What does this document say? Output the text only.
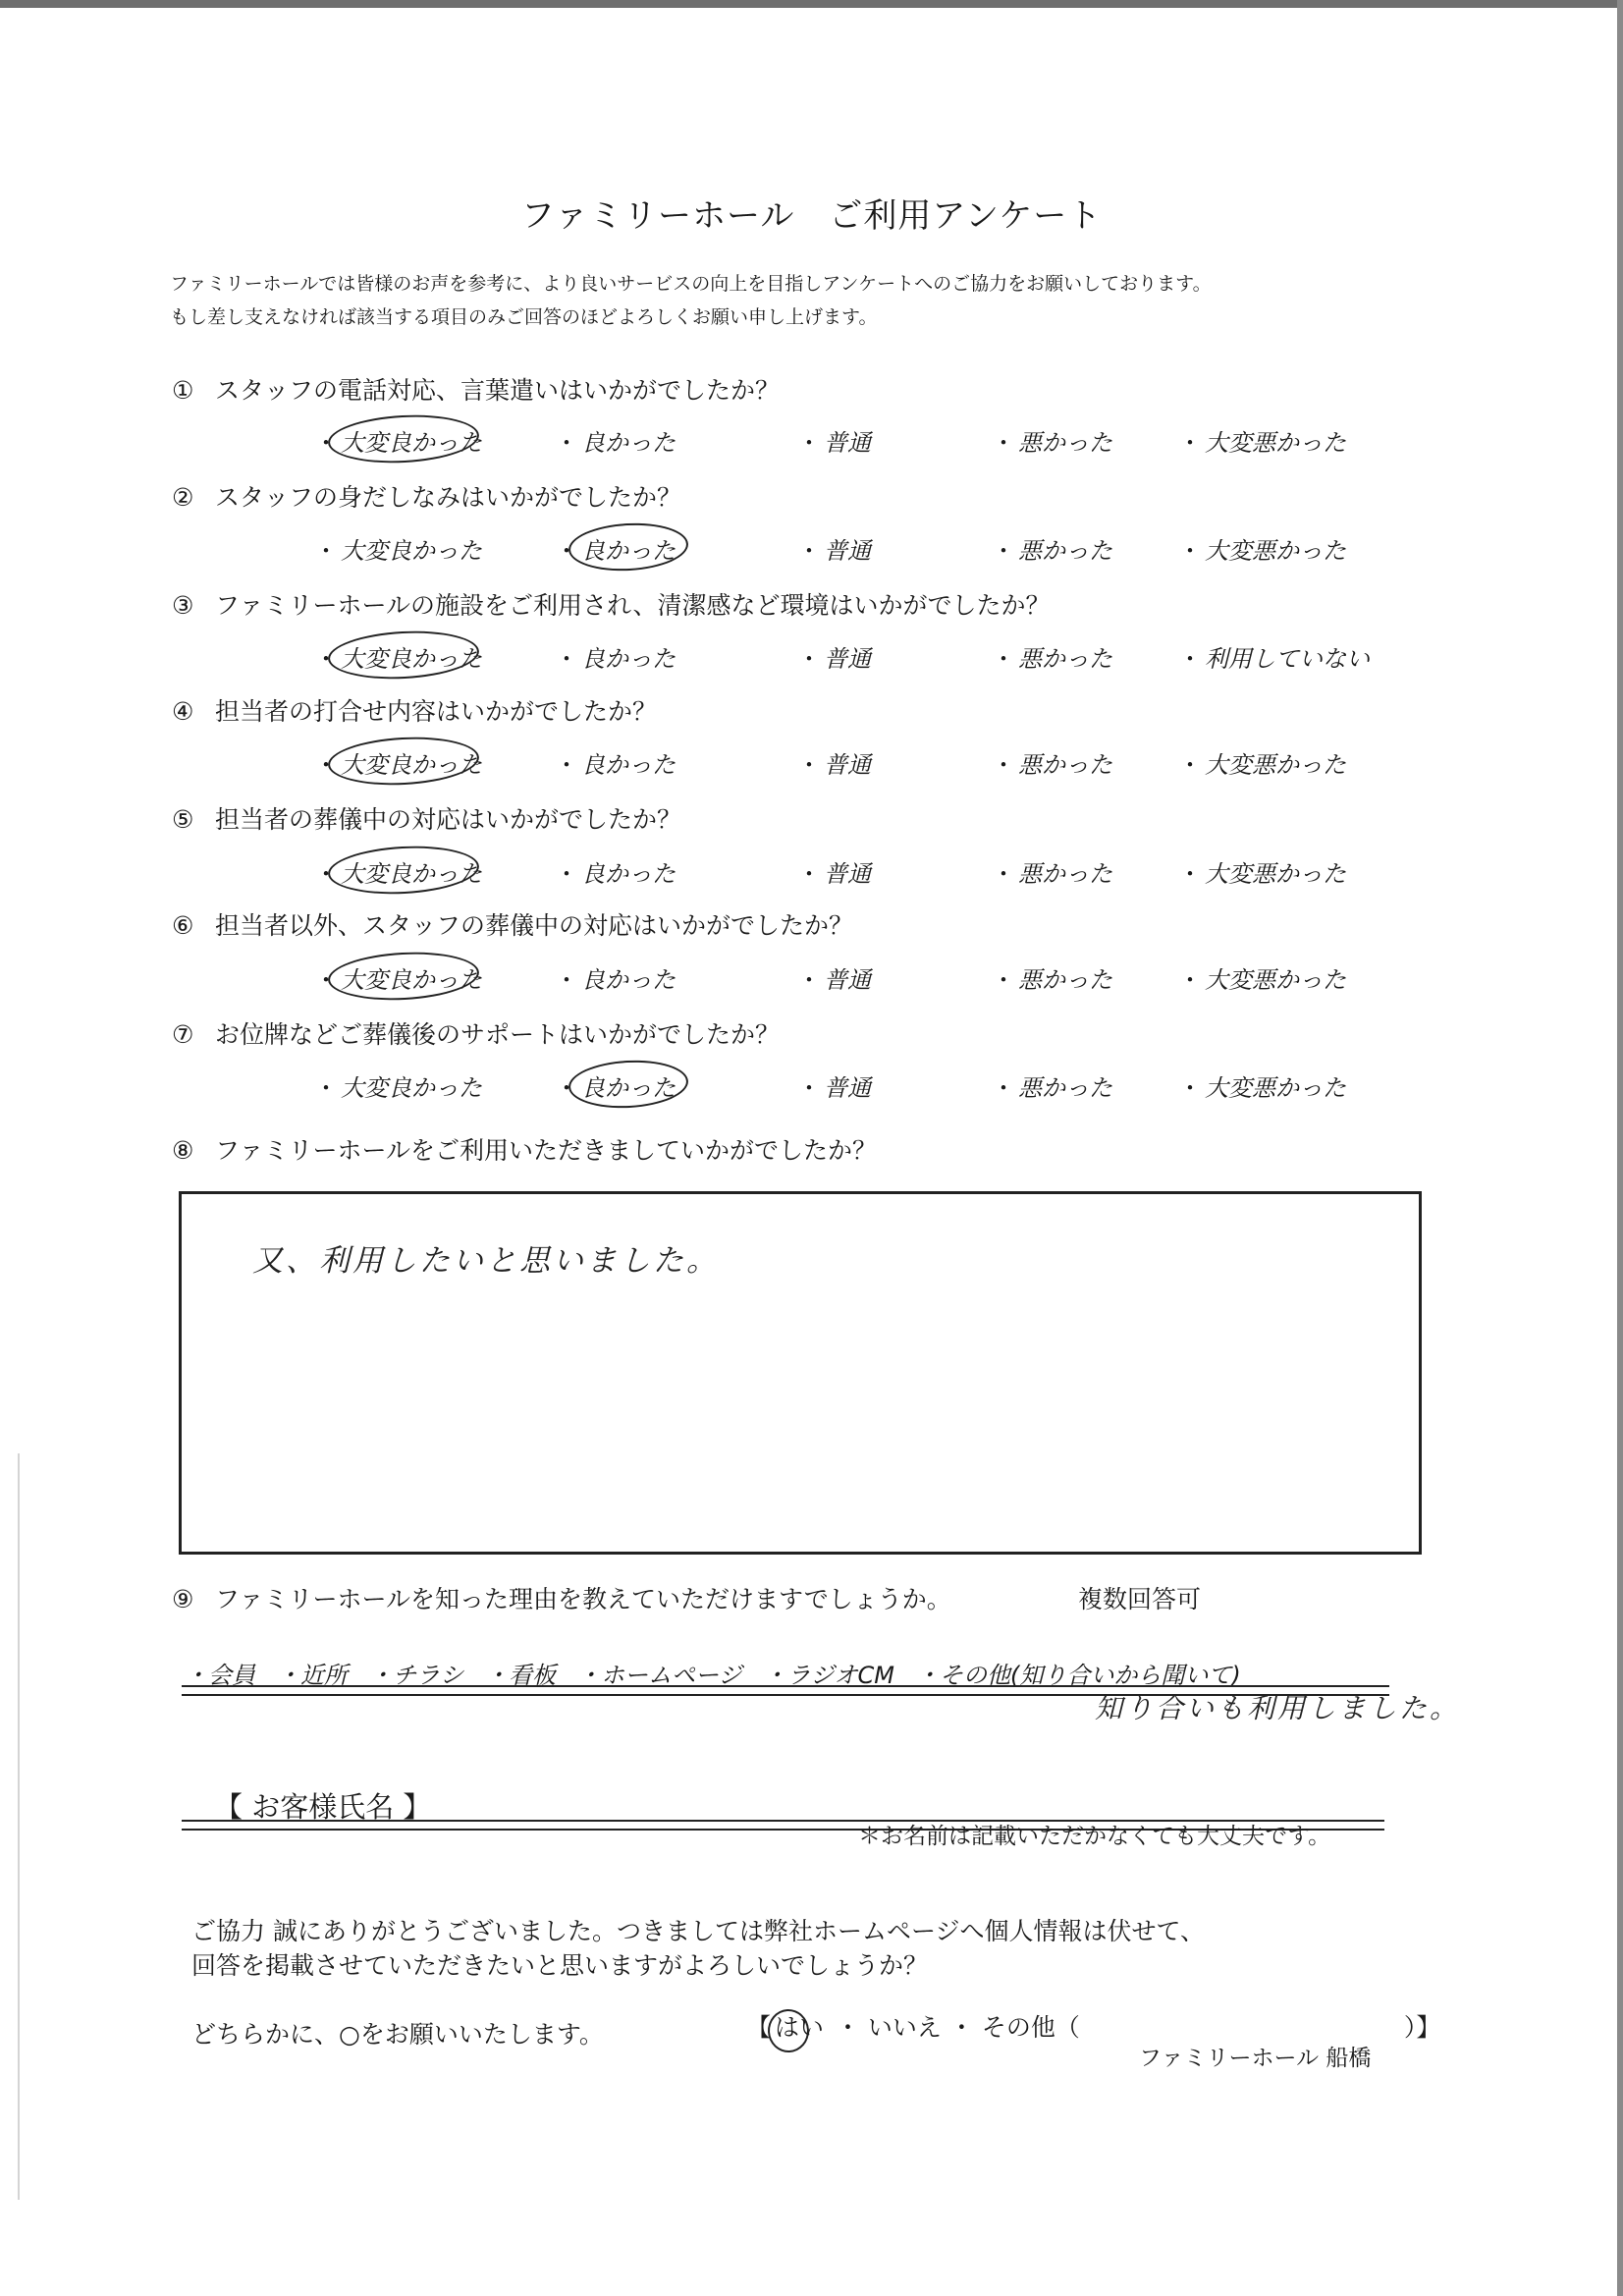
ファミリーホール　ご利用アンケート
ファミリーホールでは皆様のお声を参考に、より良いサービスの向上を目指しアンケートへのご協力をお願いしております。
もし差し支えなければ該当する項目のみご回答のほどよろしくお願い申し上げます。
① スタッフの電話対応、言葉遣いはいかがでしたか？
・ 大変良かった	・ 良かった	・ 普通	・ 悪かった	・ 大変悪かった
② スタッフの身だしなみはいかがでしたか？
・ 大変良かった	・ 良かった	・ 普通	・ 悪かった	・ 大変悪かった
③ ファミリーホールの施設をご利用され、清潔感など環境はいかがでしたか？
・ 大変良かった	・ 良かった	・ 普通	・ 悪かった	・ 利用していない
④ 担当者の打合せ内容はいかがでしたか？
・ 大変良かった	・ 良かった	・ 普通	・ 悪かった	・ 大変悪かった
⑤ 担当者の葬儀中の対応はいかがでしたか？
・ 大変良かった	・ 良かった	・ 普通	・ 悪かった	・ 大変悪かった
⑥ 担当者以外、スタッフの葬儀中の対応はいかがでしたか？
・ 大変良かった	・ 良かった	・ 普通	・ 悪かった	・ 大変悪かった
⑦ お位牌などご葬儀後のサポートはいかがでしたか？
・ 大変良かった	・ 良かった	・ 普通	・ 悪かった	・ 大変悪かった
⑧ ファミリーホールをご利用いただきましていかがでしたか？
又、利用したいと思いました。
⑨ ファミリーホールを知った理由を教えていただけますでしょうか。	複数回答可
・会員 ・近所 ・チラシ ・看板 ・ホームページ ・ラジオCM ・その他(知り合いから聞いて)
知り合いも利用しました。
【 お客様氏名 】
＊お名前は記載いただかなくても大丈夫です。
ご協力 誠にありがとうございました。つきましては弊社ホームページへ個人情報は伏せて、
回答を掲載させていただきたいと思いますがよろしいでしょうか？
どちらかに、○をお願いいたします。	【 はい ・ いいえ ・ その他（	）】
ファミリーホール 船橋
